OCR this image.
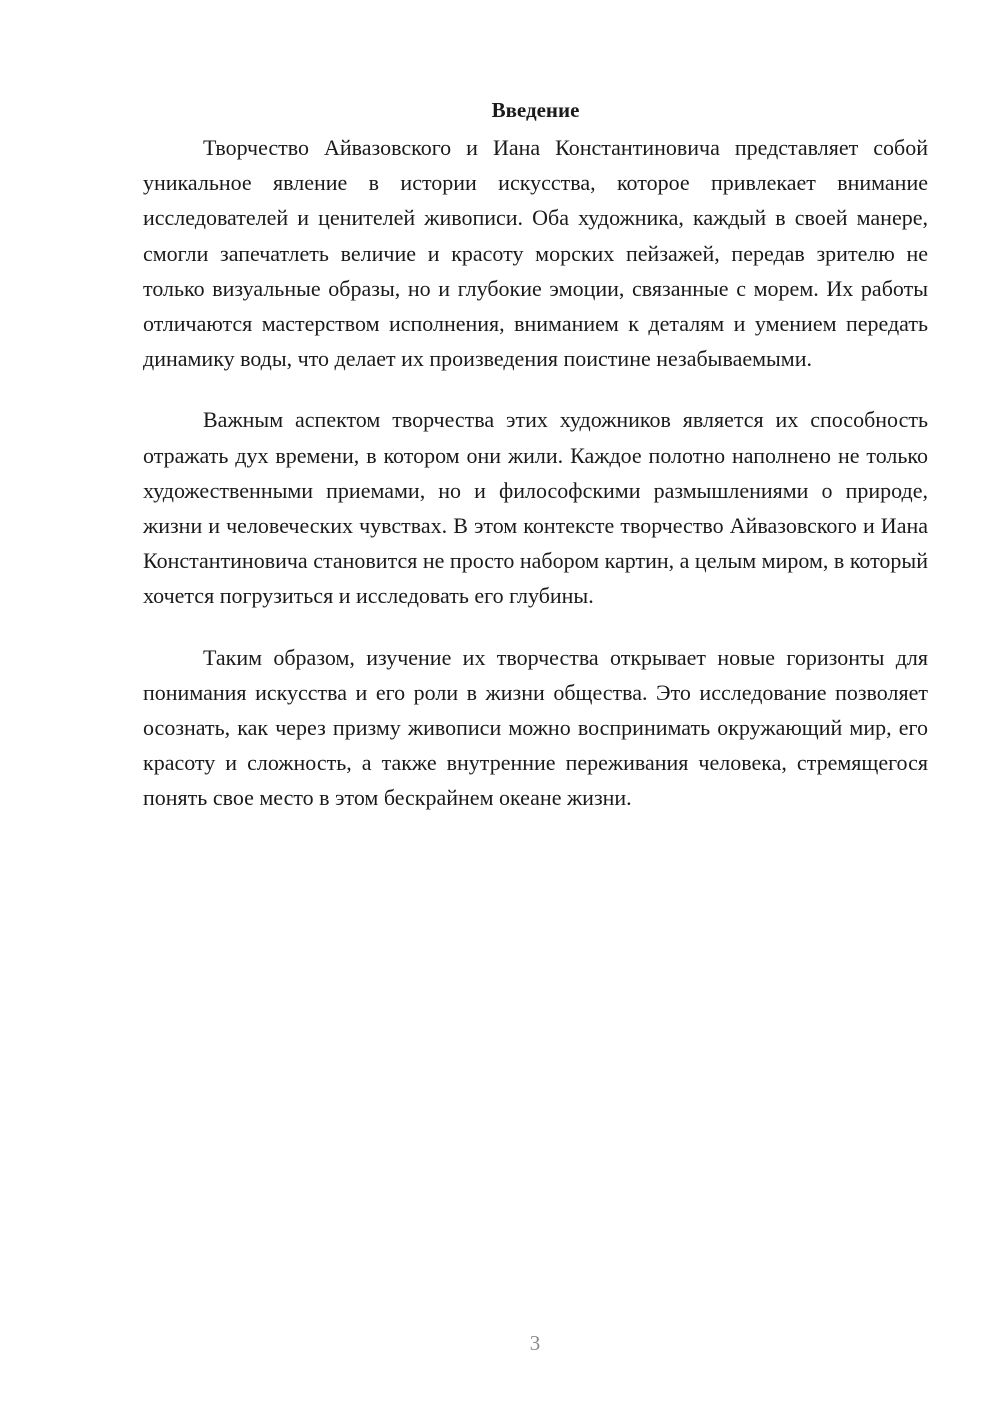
Введение

Творчество Айвазовского и Иана Константиновича представляет собой уникальное явление в истории искусства, которое привлекает внимание исследователей и ценителей живописи. Оба художника, каждый в своей манере, смогли запечатлеть величие и красоту морских пейзажей, передав зрителю не только визуальные образы, но и глубокие эмоции, связанные с морем. Их работы отличаются мастерством исполнения, вниманием к деталям и умением передать динамику воды, что делает их произведения поистине незабываемыми.

Важным аспектом творчества этих художников является их способность отражать дух времени, в котором они жили. Каждое полотно наполнено не только художественными приемами, но и философскими размышлениями о природе, жизни и человеческих чувствах. В этом контексте творчество Айвазовского и Иана Константиновича становится не просто набором картин, а целым миром, в который хочется погрузиться и исследовать его глубины.

Таким образом, изучение их творчества открывает новые горизонты для понимания искусства и его роли в жизни общества. Это исследование позволяет осознать, как через призму живописи можно воспринимать окружающий мир, его красоту и сложность, а также внутренние переживания человека, стремящегося понять свое место в этом бескрайнем океане жизни.

3
